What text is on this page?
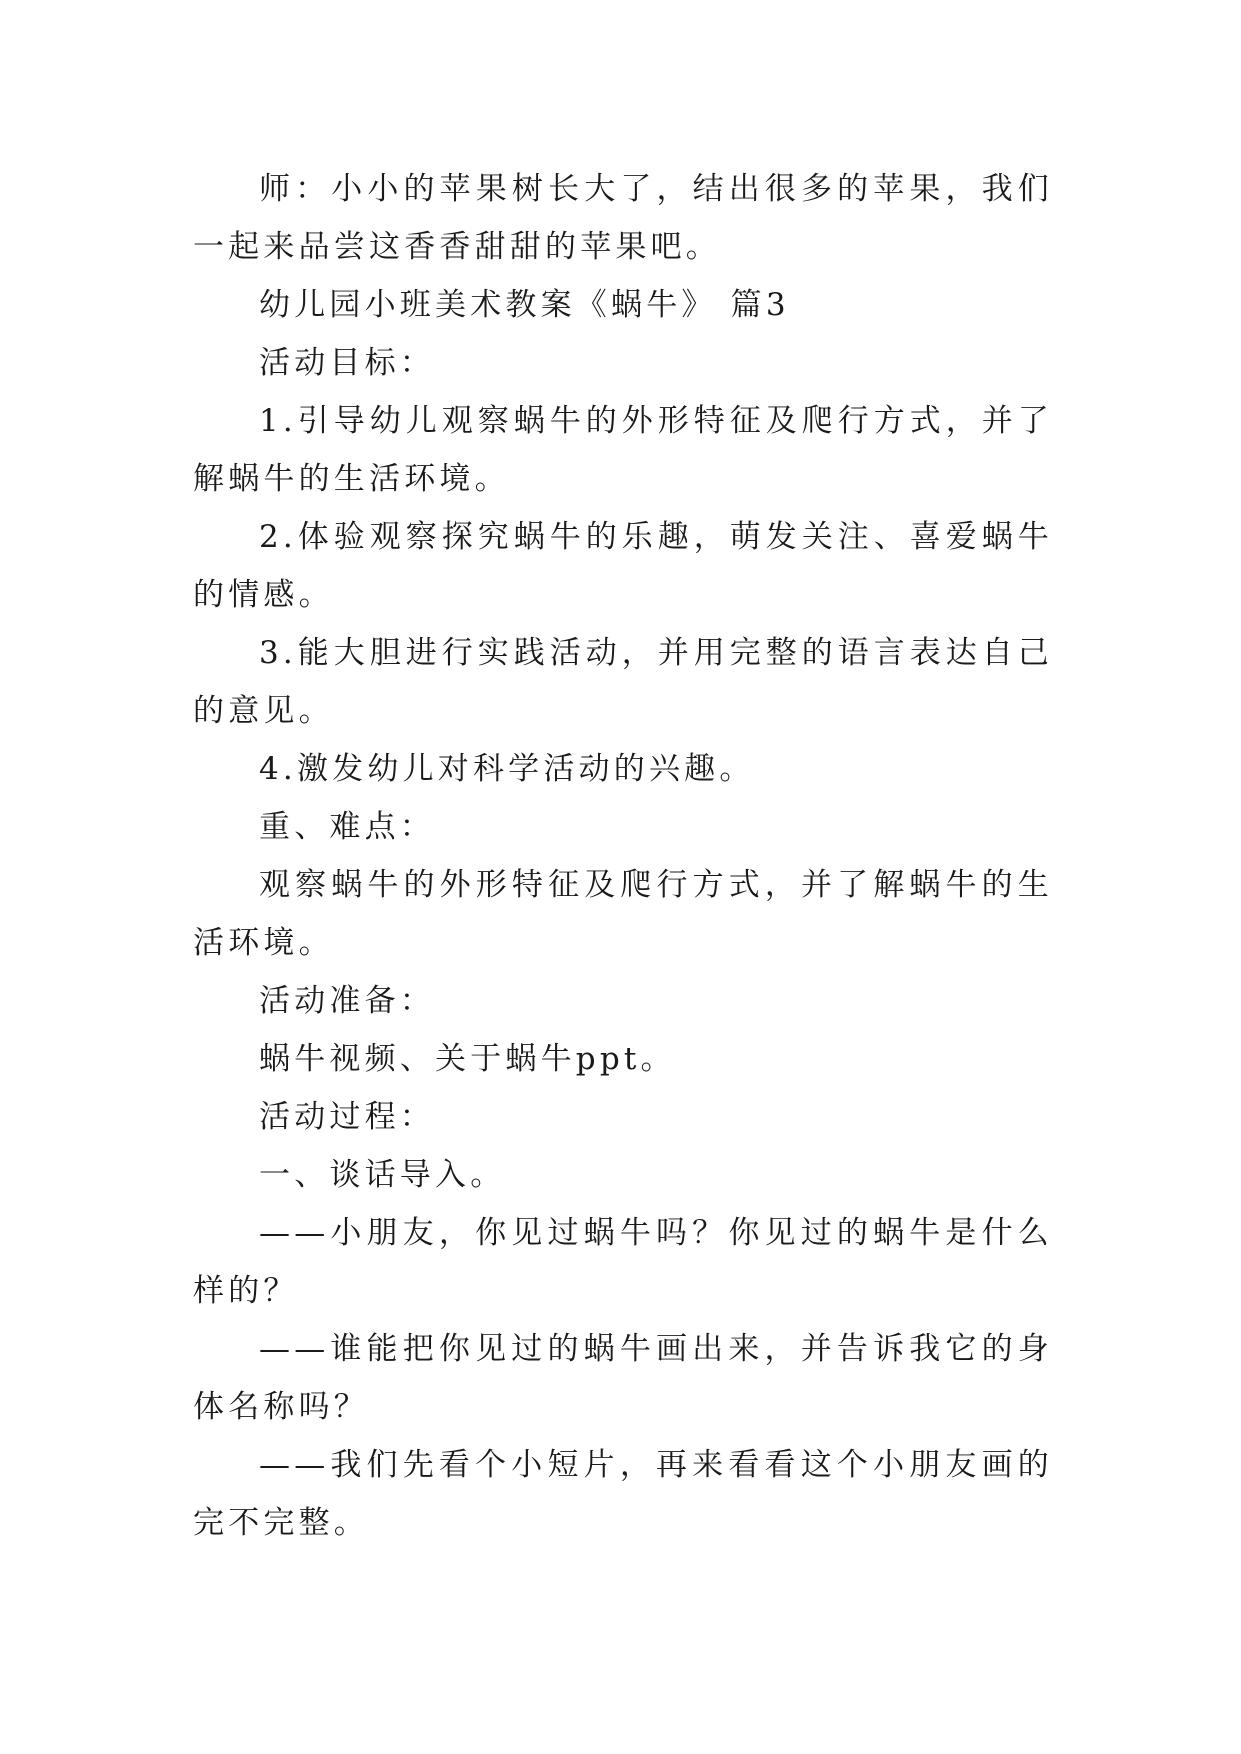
师：小小的苹果树长大了，结出很多的苹果，我们一起来品尝这香香甜甜的苹果吧。

幼儿园小班美术教案《蜗牛》 篇3

活动目标：

1.引导幼儿观察蜗牛的外形特征及爬行方式，并了解蜗牛的生活环境。

2.体验观察探究蜗牛的乐趣，萌发关注、喜爱蜗牛的情感。

3.能大胆进行实践活动，并用完整的语言表达自己的意见。

4.激发幼儿对科学活动的兴趣。

重、难点：

观察蜗牛的外形特征及爬行方式，并了解蜗牛的生活环境。

活动准备：

蜗牛视频、关于蜗牛ppt。

活动过程：

一、谈话导入。

——小朋友，你见过蜗牛吗？你见过的蜗牛是什么样的？

——谁能把你见过的蜗牛画出来，并告诉我它的身体名称吗？

——我们先看个小短片，再来看看这个小朋友画的完不完整。
